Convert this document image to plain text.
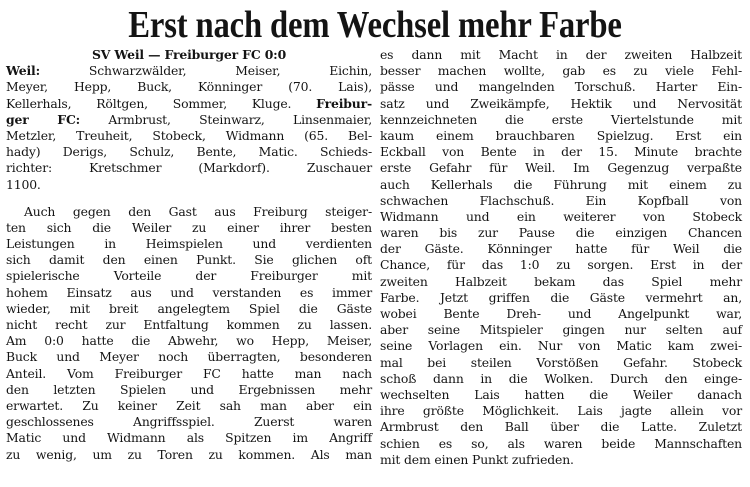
Erst nach dem Wechsel mehr Farbe
SV Weil — Freiburger FC 0:0
Weil: Schwarzwälder, Meiser, Eichin,
Meyer, Hepp, Buck, Könninger (70. Lais),
Kellerhals, Röltgen, Sommer, Kluge. Freibur-
ger FC: Armbrust, Steinwarz, Linsenmaier,
Metzler, Treuheit, Stobeck, Widmann (65. Bel-
hady) Derigs, Schulz, Bente, Matic. Schieds-
richter: Kretschmer (Markdorf). Zuschauer
1100.
Auch gegen den Gast aus Freiburg steiger-
ten sich die Weiler zu einer ihrer besten
Leistungen in Heimspielen und verdienten
sich damit den einen Punkt. Sie glichen oft
spielerische Vorteile der Freiburger mit
hohem Einsatz aus und verstanden es immer
wieder, mit breit angelegtem Spiel die Gäste
nicht recht zur Entfaltung kommen zu lassen.
Am 0:0 hatte die Abwehr, wo Hepp, Meiser,
Buck und Meyer noch überragten, besonderen
Anteil. Vom Freiburger FC hatte man nach
den letzten Spielen und Ergebnissen mehr
erwartet. Zu keiner Zeit sah man aber ein
geschlossenes Angriffsspiel. Zuerst waren
Matic und Widmann als Spitzen im Angriff
zu wenig, um zu Toren zu kommen. Als man
es dann mit Macht in der zweiten Halbzeit
besser machen wollte, gab es zu viele Fehl-
pässe und mangelnden Torschuß. Harter Ein-
satz und Zweikämpfe, Hektik und Nervosität
kennzeichneten die erste Viertelstunde mit
kaum einem brauchbaren Spielzug. Erst ein
Eckball von Bente in der 15. Minute brachte
erste Gefahr für Weil. Im Gegenzug verpaßte
auch Kellerhals die Führung mit einem zu
schwachen Flachschuß. Ein Kopfball von
Widmann und ein weiterer von Stobeck
waren bis zur Pause die einzigen Chancen
der Gäste. Könninger hatte für Weil die
Chance, für das 1:0 zu sorgen. Erst in der
zweiten Halbzeit bekam das Spiel mehr
Farbe. Jetzt griffen die Gäste vermehrt an,
wobei Bente Dreh- und Angelpunkt war,
aber seine Mitspieler gingen nur selten auf
seine Vorlagen ein. Nur von Matic kam zwei-
mal bei steilen Vorstößen Gefahr. Stobeck
schoß dann in die Wolken. Durch den einge-
wechselten Lais hatten die Weiler danach
ihre größte Möglichkeit. Lais jagte allein vor
Armbrust den Ball über die Latte. Zuletzt
schien es so, als waren beide Mannschaften
mit dem einen Punkt zufrieden.
